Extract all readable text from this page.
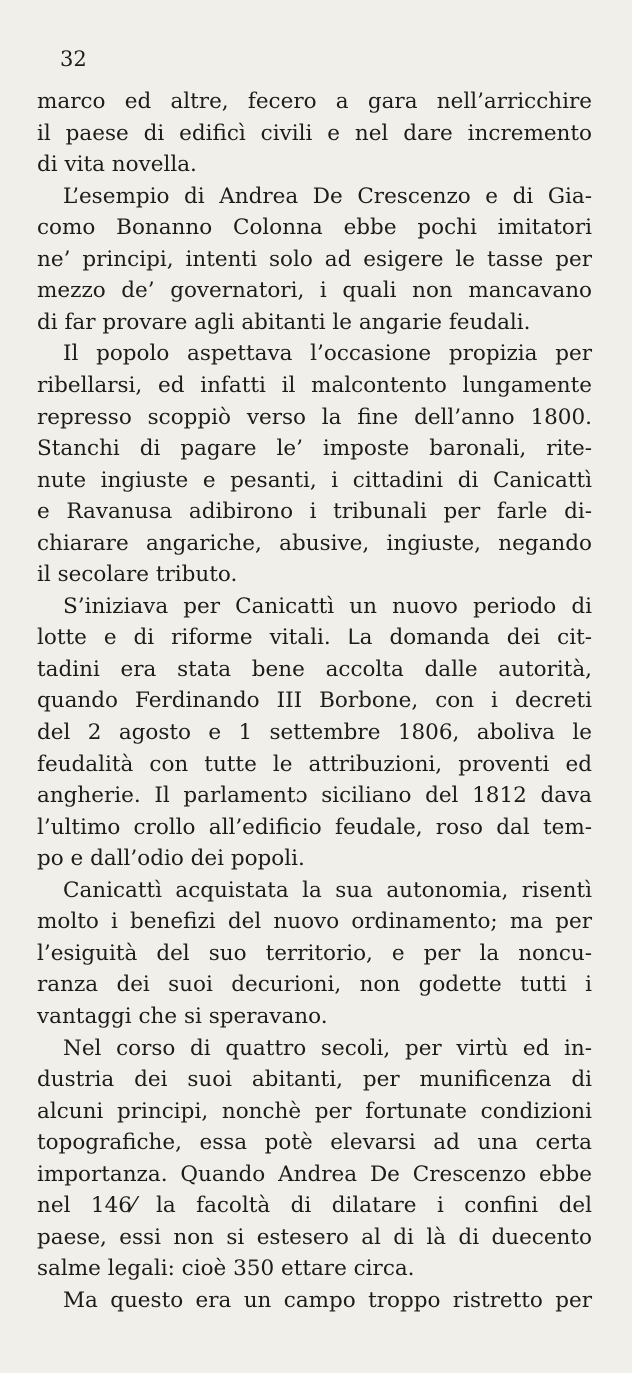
32
marco ed altre, fecero a gara nell’arricchire
il paese di edificì civili e nel dare incremento
di vita novella.
L’esempio di Andrea De Crescenzo e di Gia-
como Bonanno Colonna ebbe pochi imitatori
ne’ principi, intenti solo ad esigere le tasse per
mezzo de’ governatori, i quali non mancavano
di far provare agli abitanti le angarie feudali.
Il popolo aspettava l’occasione propizia per
ribellarsi, ed infatti il malcontento lungamente
represso scoppiò verso la fine dell’anno 1800.
Stanchi di pagare le’ imposte baronali, rite-
nute ingiuste e pesanti, i cittadini di Canicattì
e Ravanusa adibirono i tribunali per farle di-
chiarare angariche, abusive, ingiuste, negando
il secolare tributo.
S’iniziava per Canicattì un nuovo periodo di
lotte e di riforme vitali. ꓡa domanda dei cit-
tadini era stata bene accolta dalle autorità,
quando Ferdinando III Borbone, con i decreti
del 2 agosto e 1 settembre 1806, aboliva le
feudalità con tutte le attribuzioni, proventi ed
angherie. Il parlamentɔ siciliano del 1812 dava
l’ultimo crollo all’edificio feudale, roso dal tem-
po e dall’odio dei popoli.
Canicattì acquistata la sua autonomia, risentì
molto i benefizi del nuovo ordinamento; ma per
l’esiguità del suo territorio, e per la noncu-
ranza dei suoi decurioni, non godette tutti i
vantaggi che si speravano.
Nel corso di quattro secoli, per virtù ed in-
dustria dei suoi abitanti, per munificenza di
alcuni principi, nonchè per fortunate condizioni
topografiche, essa potè elevarsi ad una certa
importanza. Quando Andrea De Crescenzo ebbe
nel 146⁄ la facoltà di dilatare i confini del
paese, essi non si estesero al di là di duecento
salme legali: cioè 350 ettare circa.
Ma questo era un campo troppo ristretto per
